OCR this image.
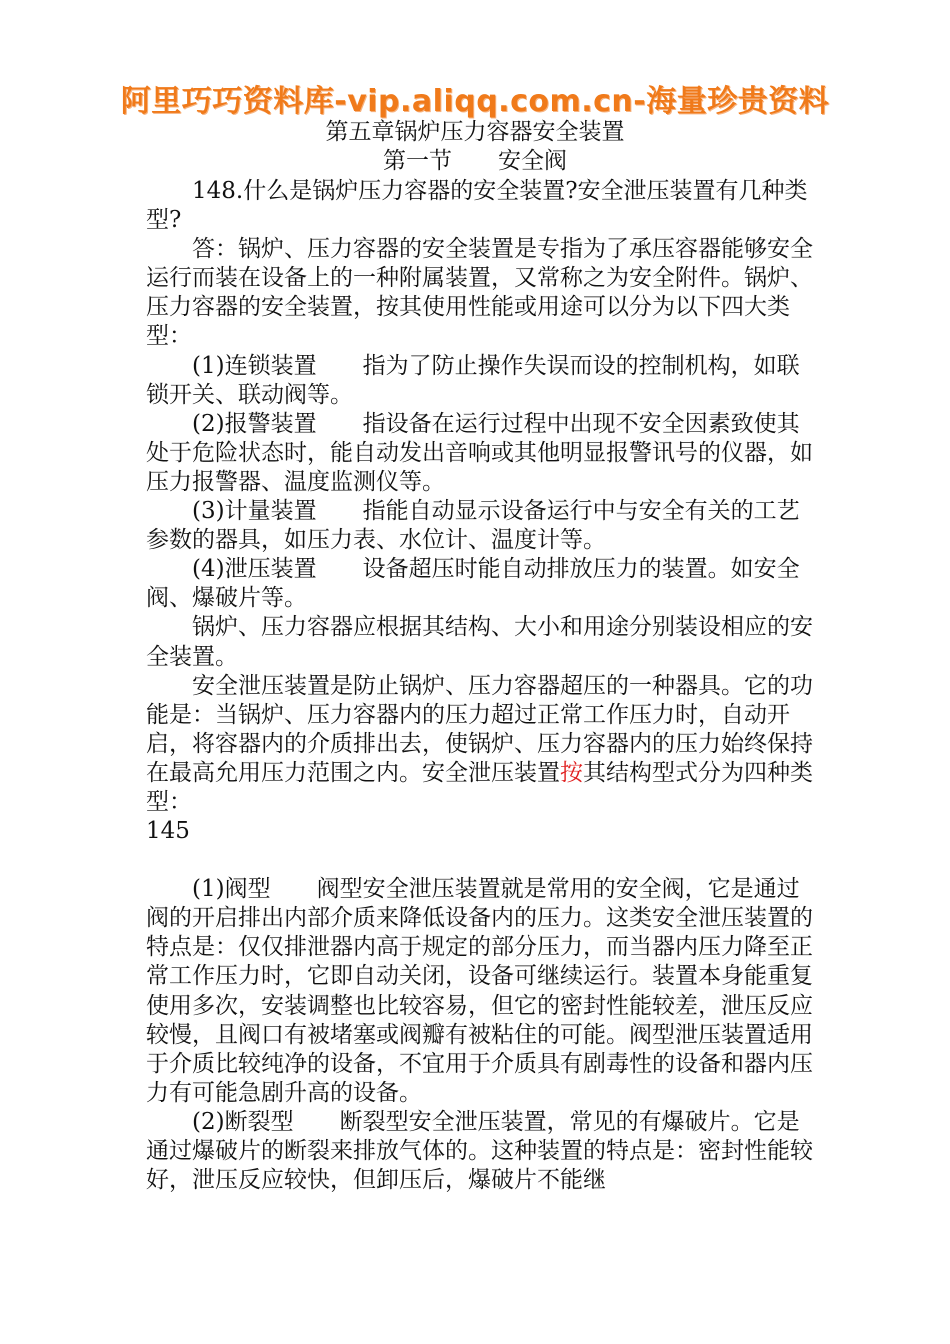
阿里巧巧资料库-vip.aliqq.com.cn-海量珍贵资料
第五章锅炉压力容器安全装置
第一节　　安全阀

148.什么是锅炉压力容器的安全装置?安全泄压装置有几种类型?

答：锅炉、压力容器的安全装置是专指为了承压容器能够安全运行而装在设备上的一种附属装置，又常称之为安全附件。锅炉、压力容器的安全装置，按其使用性能或用途可以分为以下四大类型：

(1)连锁装置　　指为了防止操作失误而设的控制机构，如联锁开关、联动阀等。

(2)报警装置　　指设备在运行过程中出现不安全因素致使其处于危险状态时，能自动发出音响或其他明显报警讯号的仪器，如压力报警器、温度监测仪等。

(3)计量装置　　指能自动显示设备运行中与安全有关的工艺参数的器具，如压力表、水位计、温度计等。

(4)泄压装置　　设备超压时能自动排放压力的装置。如安全阀、爆破片等。

锅炉、压力容器应根据其结构、大小和用途分别装设相应的安全装置。

安全泄压装置是防止锅炉、压力容器超压的一种器具。它的功能是：当锅炉、压力容器内的压力超过正常工作压力时，自动开启，将容器内的介质排出去，使锅炉、压力容器内的压力始终保持在最高允用压力范围之内。安全泄压装置按其结构型式分为四种类型：

145

(1)阀型　　阀型安全泄压装置就是常用的安全阀，它是通过阀的开启排出内部介质来降低设备内的压力。这类安全泄压装置的特点是：仅仅排泄器内高于规定的部分压力，而当器内压力降至正常工作压力时，它即自动关闭，设备可继续运行。装置本身能重复使用多次，安装调整也比较容易，但它的密封性能较差，泄压反应较慢，且阀口有被堵塞或阀瓣有被粘住的可能。阀型泄压装置适用于介质比较纯净的设备，不宜用于介质具有剧毒性的设备和器内压力有可能急剧升高的设备。

(2)断裂型　　断裂型安全泄压装置，常见的有爆破片。它是通过爆破片的断裂来排放气体的。这种装置的特点是：密封性能较好，泄压反应较快，但卸压后，爆破片不能继
